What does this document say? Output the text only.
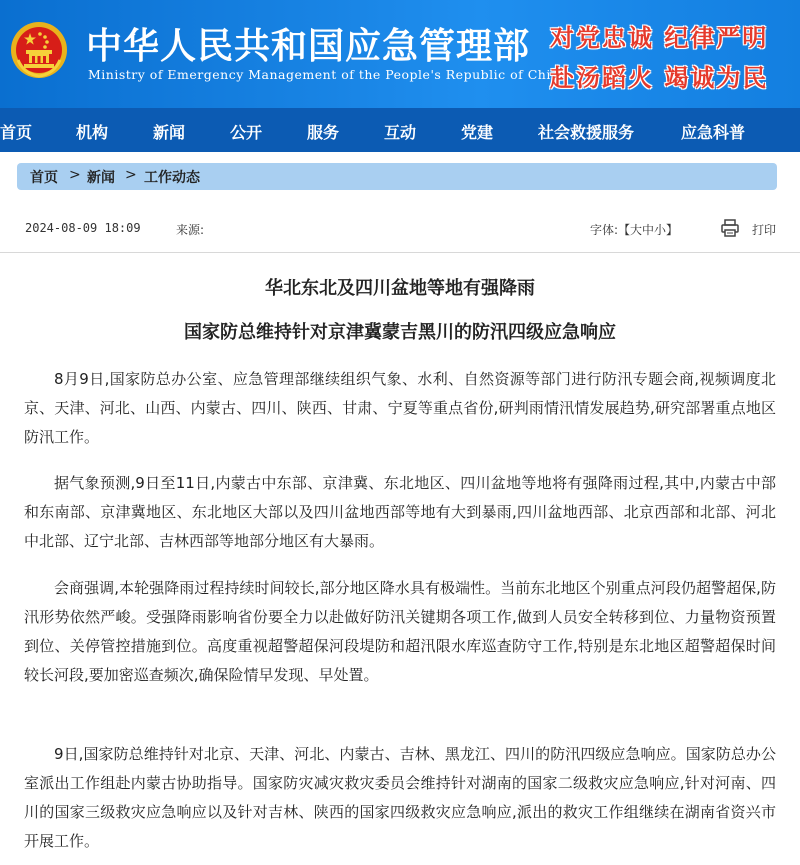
中华人民共和国应急管理部
Ministry of Emergency Management of the People's Republic of China
对党忠诚 纪律严明
赴汤蹈火 竭诚为民
首页	机构	新闻	公开	服务	互动	党建	社会救援服务	应急科普
首页 > 新闻 > 工作动态
2024-08-09 18:09	来源:	字体:【大中小】	打印
华北东北及四川盆地等地有强降雨
国家防总维持针对京津冀蒙吉黑川的防汛四级应急响应
8月9日,国家防总办公室、应急管理部继续组织气象、水利、自然资源等部门进行防汛专题会商,视频调度北京、天津、河北、山西、内蒙古、四川、陕西、甘肃、宁夏等重点省份,研判雨情汛情发展趋势,研究部署重点地区防汛工作。
据气象预测,9日至11日,内蒙古中东部、京津冀、东北地区、四川盆地等地将有强降雨过程,其中,内蒙古中部和东南部、京津冀地区、东北地区大部以及四川盆地西部等地有大到暴雨,四川盆地西部、北京西部和北部、河北中北部、辽宁北部、吉林西部等地部分地区有大暴雨。
会商强调,本轮强降雨过程持续时间较长,部分地区降水具有极端性。当前东北地区个别重点河段仍超警超保,防汛形势依然严峻。受强降雨影响省份要全力以赴做好防汛关键期各项工作,做到人员安全转移到位、力量物资预置到位、关停管控措施到位。高度重视超警超保河段堤防和超汛限水库巡查防守工作,特别是东北地区超警超保时间较长河段,要加密巡查频次,确保险情早发现、早处置。
9日,国家防总维持针对北京、天津、河北、内蒙古、吉林、黑龙江、四川的防汛四级应急响应。国家防总办公室派出工作组赴内蒙古协助指导。国家防灾减灾救灾委员会维持针对湖南的国家二级救灾应急响应,针对河南、四川的国家三级救灾应急响应以及针对吉林、陕西的国家四级救灾应急响应,派出的救灾工作组继续在湖南省资兴市开展工作。
